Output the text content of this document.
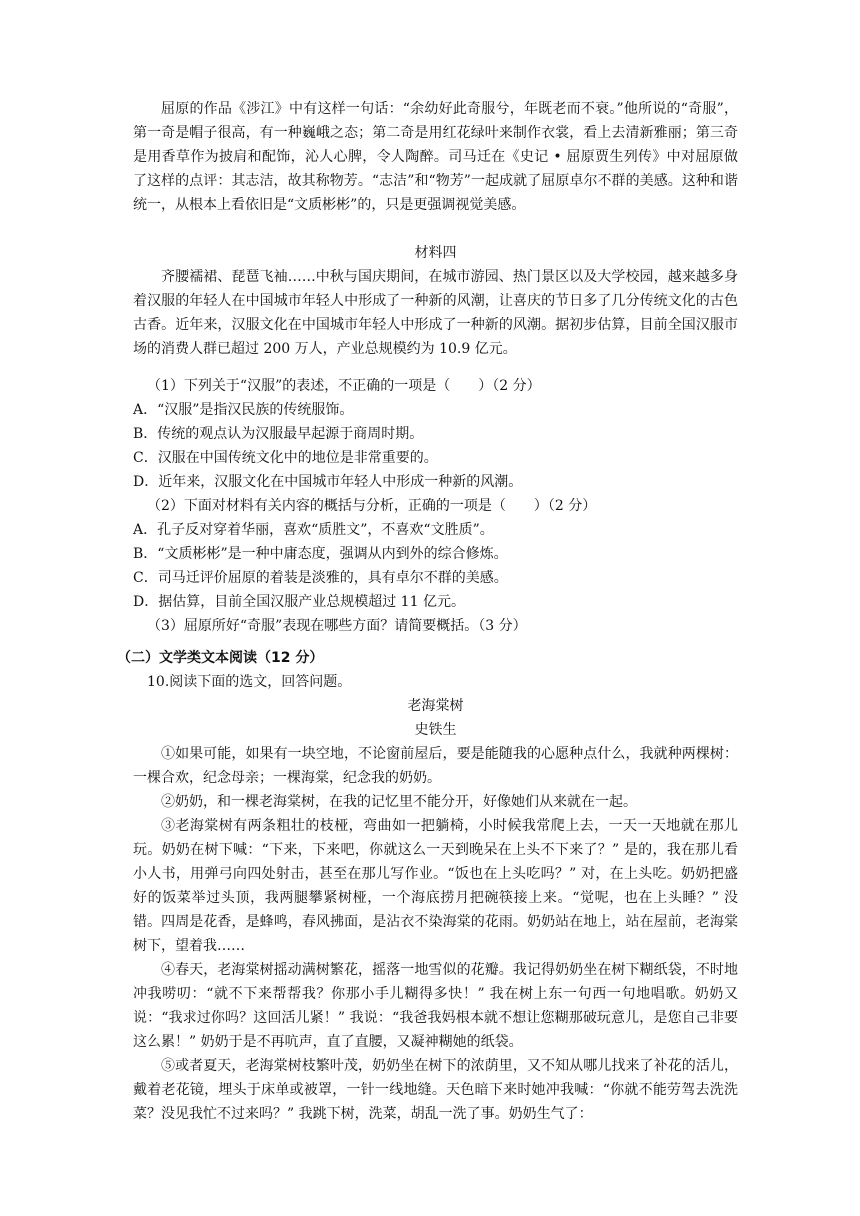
屈原的作品《涉江》中有这样一句话：“余幼好此奇服兮，年既老而不衰。”他所说的“奇服”，第一奇是帽子很高，有一种巍峨之态；第二奇是用红花绿叶来制作衣裳，看上去清新雅丽；第三奇是用香草作为披肩和配饰，沁人心脾，令人陶醉。司马迁在《史记 • 屈原贾生列传》中对屈原做了这样的点评：其志洁，故其称物芳。“志洁”和“物芳”一起成就了屈原卓尔不群的美感。这种和谐统一，从根本上看依旧是“文质彬彬”的，只是更强调视觉美感。

材料四

齐腰襦裙、琵琶飞袖……中秋与国庆期间，在城市游园、热门景区以及大学校园，越来越多身着汉服的年轻人在中国城市年轻人中形成了一种新的风潮，让喜庆的节日多了几分传统文化的古色古香。近年来，汉服文化在中国城市年轻人中形成了一种新的风潮。据初步估算，目前全国汉服市场的消费人群已超过 200 万人，产业总规模约为 10.9 亿元。

（1）下列关于“汉服”的表述，不正确的一项是（　　）（2 分）

A．“汉服”是指汉民族的传统服饰。

B．传统的观点认为汉服最早起源于商周时期。

C．汉服在中国传统文化中的地位是非常重要的。

D．近年来，汉服文化在中国城市年轻人中形成一种新的风潮。

（2）下面对材料有关内容的概括与分析，正确的一项是（　　）（2 分）

A．孔子反对穿着华丽，喜欢“质胜文”，不喜欢“文胜质”。

B．“文质彬彬”是一种中庸态度，强调从内到外的综合修炼。

C．司马迁评价屈原的着装是淡雅的，具有卓尔不群的美感。

D．据估算，目前全国汉服产业总规模超过 11 亿元。

（3）屈原所好“奇服”表现在哪些方面？请简要概括。（3 分）

（二）文学类文本阅读（12 分）

10.阅读下面的选文，回答问题。

老海棠树

史铁生

①如果可能，如果有一块空地，不论窗前屋后，要是能随我的心愿种点什么，我就种两棵树：一棵合欢，纪念母亲；一棵海棠，纪念我的奶奶。

②奶奶，和一棵老海棠树，在我的记忆里不能分开，好像她们从来就在一起。

③老海棠树有两条粗壮的枝桠，弯曲如一把躺椅，小时候我常爬上去，一天一天地就在那儿玩。奶奶在树下喊：“下来，下来吧，你就这么一天到晚呆在上头不下来了？” 是的，我在那儿看小人书，用弹弓向四处射击，甚至在那儿写作业。“饭也在上头吃吗？” 对，在上头吃。奶奶把盛好的饭菜举过头顶，我两腿攀紧树桠，一个海底捞月把碗筷接上来。“觉呢，也在上头睡？” 没错。四周是花香，是蜂鸣，春风拂面，是沾衣不染海棠的花雨。奶奶站在地上，站在屋前，老海棠树下，望着我……

④春天，老海棠树摇动满树繁花，摇落一地雪似的花瓣。我记得奶奶坐在树下糊纸袋，不时地冲我唠叨：“就不下来帮帮我？你那小手儿糊得多快！” 我在树上东一句西一句地唱歌。奶奶又说：“我求过你吗？这回活儿紧！” 我说：“我爸我妈根本就不想让您糊那破玩意儿，是您自己非要这么累！” 奶奶于是不再吭声，直了直腰，又凝神糊她的纸袋。

⑤或者夏天，老海棠树枝繁叶茂，奶奶坐在树下的浓荫里，又不知从哪儿找来了补花的活儿，戴着老花镜，埋头于床单或被罩，一针一线地缝。天色暗下来时她冲我喊：“你就不能劳驾去洗洗菜？没见我忙不过来吗？” 我跳下树，洗菜，胡乱一洗了事。奶奶生气了：
